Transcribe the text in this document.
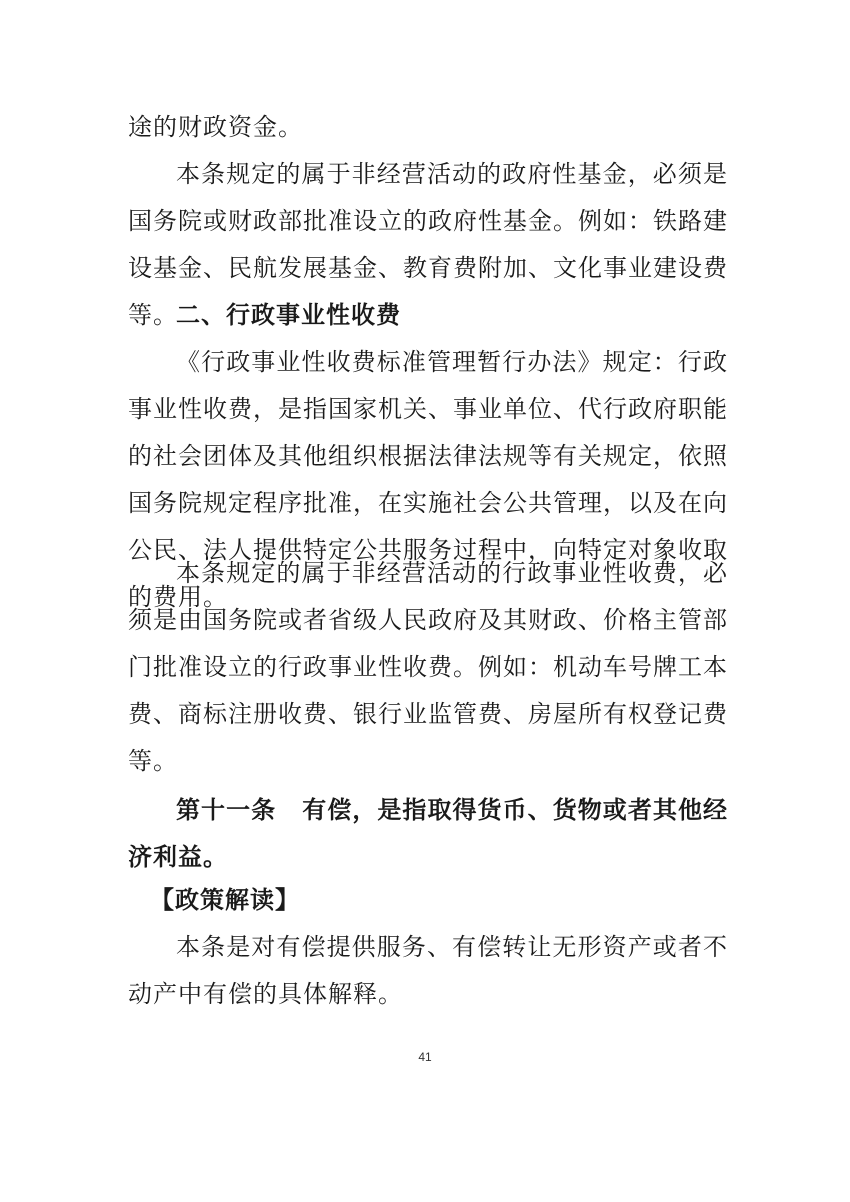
途的财政资金。

本条规定的属于非经营活动的政府性基金，必须是国务院或财政部批准设立的政府性基金。例如：铁路建设基金、民航发展基金、教育费附加、文化事业建设费等。

二、行政事业性收费

《行政事业性收费标准管理暂行办法》规定：行政事业性收费，是指国家机关、事业单位、代行政府职能的社会团体及其他组织根据法律法规等有关规定，依照国务院规定程序批准，在实施社会公共管理，以及在向公民、法人提供特定公共服务过程中，向特定对象收取的费用。

本条规定的属于非经营活动的行政事业性收费，必须是由国务院或者省级人民政府及其财政、价格主管部门批准设立的行政事业性收费。例如：机动车号牌工本费、商标注册收费、银行业监管费、房屋所有权登记费等。

第十一条 有偿，是指取得货币、货物或者其他经济利益。

【政策解读】

本条是对有偿提供服务、有偿转让无形资产或者不动产中有偿的具体解释。

41
